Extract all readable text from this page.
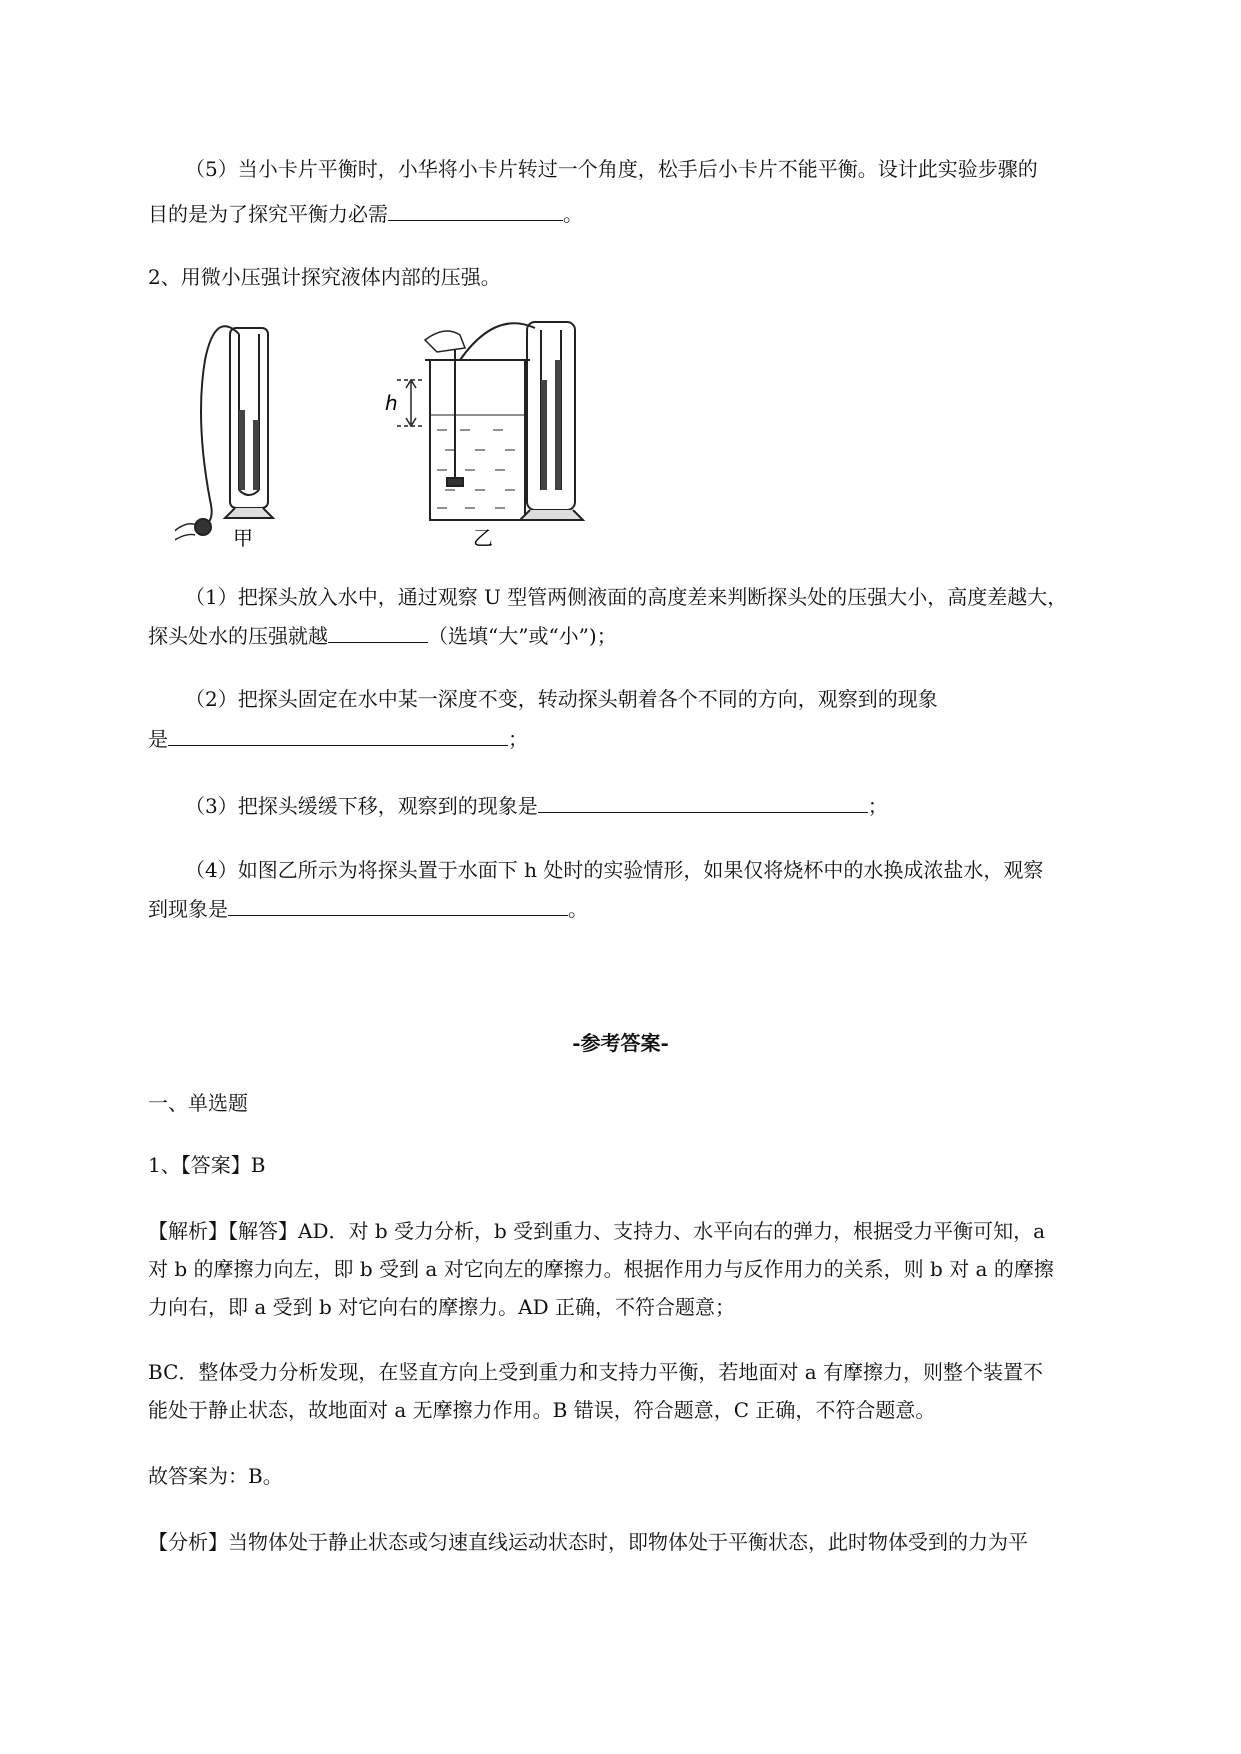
（5）当小卡片平衡时，小华将小卡片转过一个角度，松手后小卡片不能平衡。设计此实验步骤的
目的是为了探究平衡力必需	。
2、用微小压强计探究液体内部的压强。
甲
h
乙
（1）把探头放入水中，通过观察 U 型管两侧液面的高度差来判断探头处的压强大小，高度差越大，
探头处水的压强就越	（选填“大”或“小”)；
（2）把探头固定在水中某一深度不变，转动探头朝着各个不同的方向，观察到的现象
是	；
（3）把探头缓缓下移，观察到的现象是	；
（4）如图乙所示为将探头置于水面下 h 处时的实验情形，如果仅将烧杯中的水换成浓盐水，观察
到现象是	。
-参考答案-
一、单选题
1、【答案】B
【解析】【解答】AD．对 b 受力分析，b 受到重力、支持力、水平向右的弹力，根据受力平衡可知，a
对 b 的摩擦力向左，即 b 受到 a 对它向左的摩擦力。根据作用力与反作用力的关系，则 b 对 a 的摩擦
力向右，即 a 受到 b 对它向右的摩擦力。AD 正确，不符合题意；
BC．整体受力分析发现，在竖直方向上受到重力和支持力平衡，若地面对 a 有摩擦力，则整个装置不
能处于静止状态，故地面对 a 无摩擦力作用。B 错误，符合题意，C 正确，不符合题意。
故答案为：B。
【分析】当物体处于静止状态或匀速直线运动状态时，即物体处于平衡状态，此时物体受到的力为平
